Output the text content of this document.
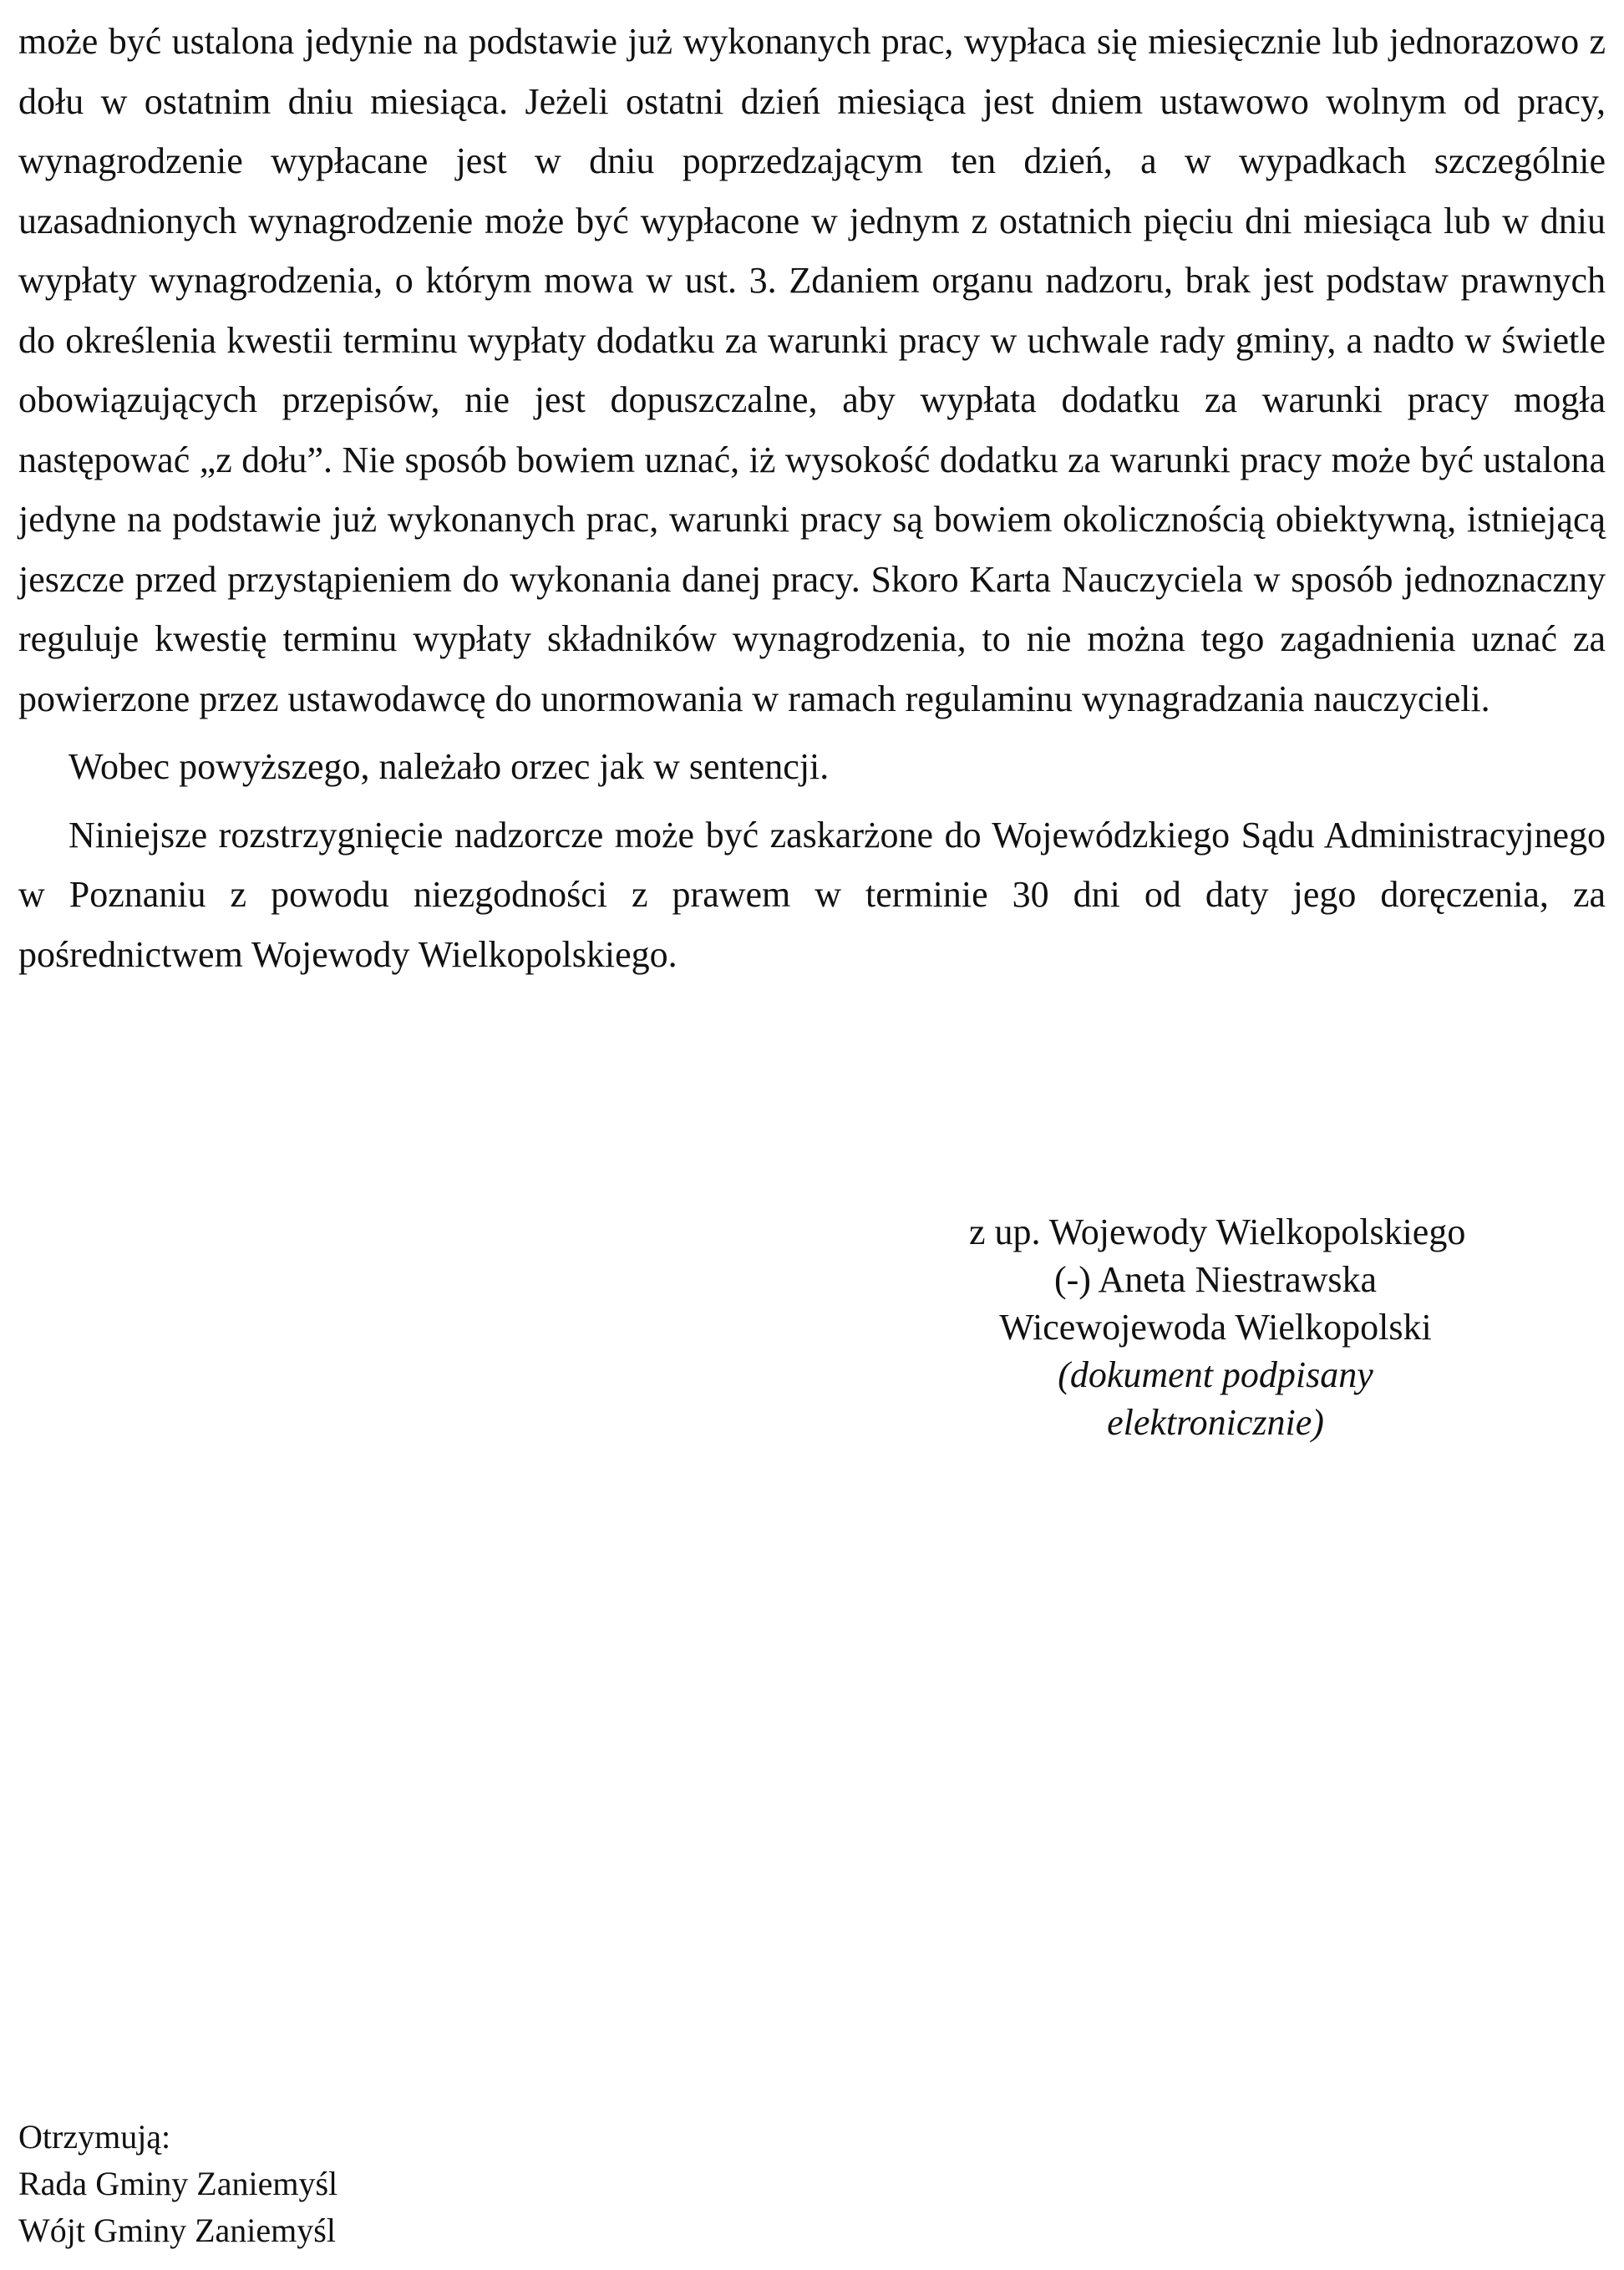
może być ustalona jedynie na podstawie już wykonanych prac, wypłaca się miesięcznie lub jednorazowo z dołu w ostatnim dniu miesiąca. Jeżeli ostatni dzień miesiąca jest dniem ustawowo wolnym od pracy, wynagrodzenie wypłacane jest w dniu poprzedzającym ten dzień, a w wypadkach szczególnie uzasadnionych wynagrodzenie może być wypłacone w jednym z ostatnich pięciu dni miesiąca lub w dniu wypłaty wynagrodzenia, o którym mowa w ust. 3. Zdaniem organu nadzoru, brak jest podstaw prawnych do określenia kwestii terminu wypłaty dodatku za warunki pracy w uchwale rady gminy, a nadto w świetle obowiązujących przepisów, nie jest dopuszczalne, aby wypłata dodatku za warunki pracy mogła następować „z dołu”. Nie sposób bowiem uznać, iż wysokość dodatku za warunki pracy może być ustalona jedyne na podstawie już wykonanych prac, warunki pracy są bowiem okolicznością obiektywną, istniejącą jeszcze przed przystąpieniem do wykonania danej pracy. Skoro Karta Nauczyciela w sposób jednoznaczny reguluje kwestię terminu wypłaty składników wynagrodzenia, to nie można tego zagadnienia uznać za powierzone przez ustawodawcę do unormowania w ramach regulaminu wynagradzania nauczycieli.

Wobec powyższego, należało orzec jak w sentencji.

Niniejsze rozstrzygnięcie nadzorcze może być zaskarżone do Wojewódzkiego Sądu Administracyjnego w Poznaniu z powodu niezgodności z prawem w terminie 30 dni od daty jego doręczenia, za pośrednictwem Wojewody Wielkopolskiego.

z up. Wojewody Wielkopolskiego
(-) Aneta Niestrawska
Wicewojewoda Wielkopolski
(dokument podpisany
elektronicznie)
Otrzymują:
Rada Gminy Zaniemyśl
Wójt Gminy Zaniemyśl
